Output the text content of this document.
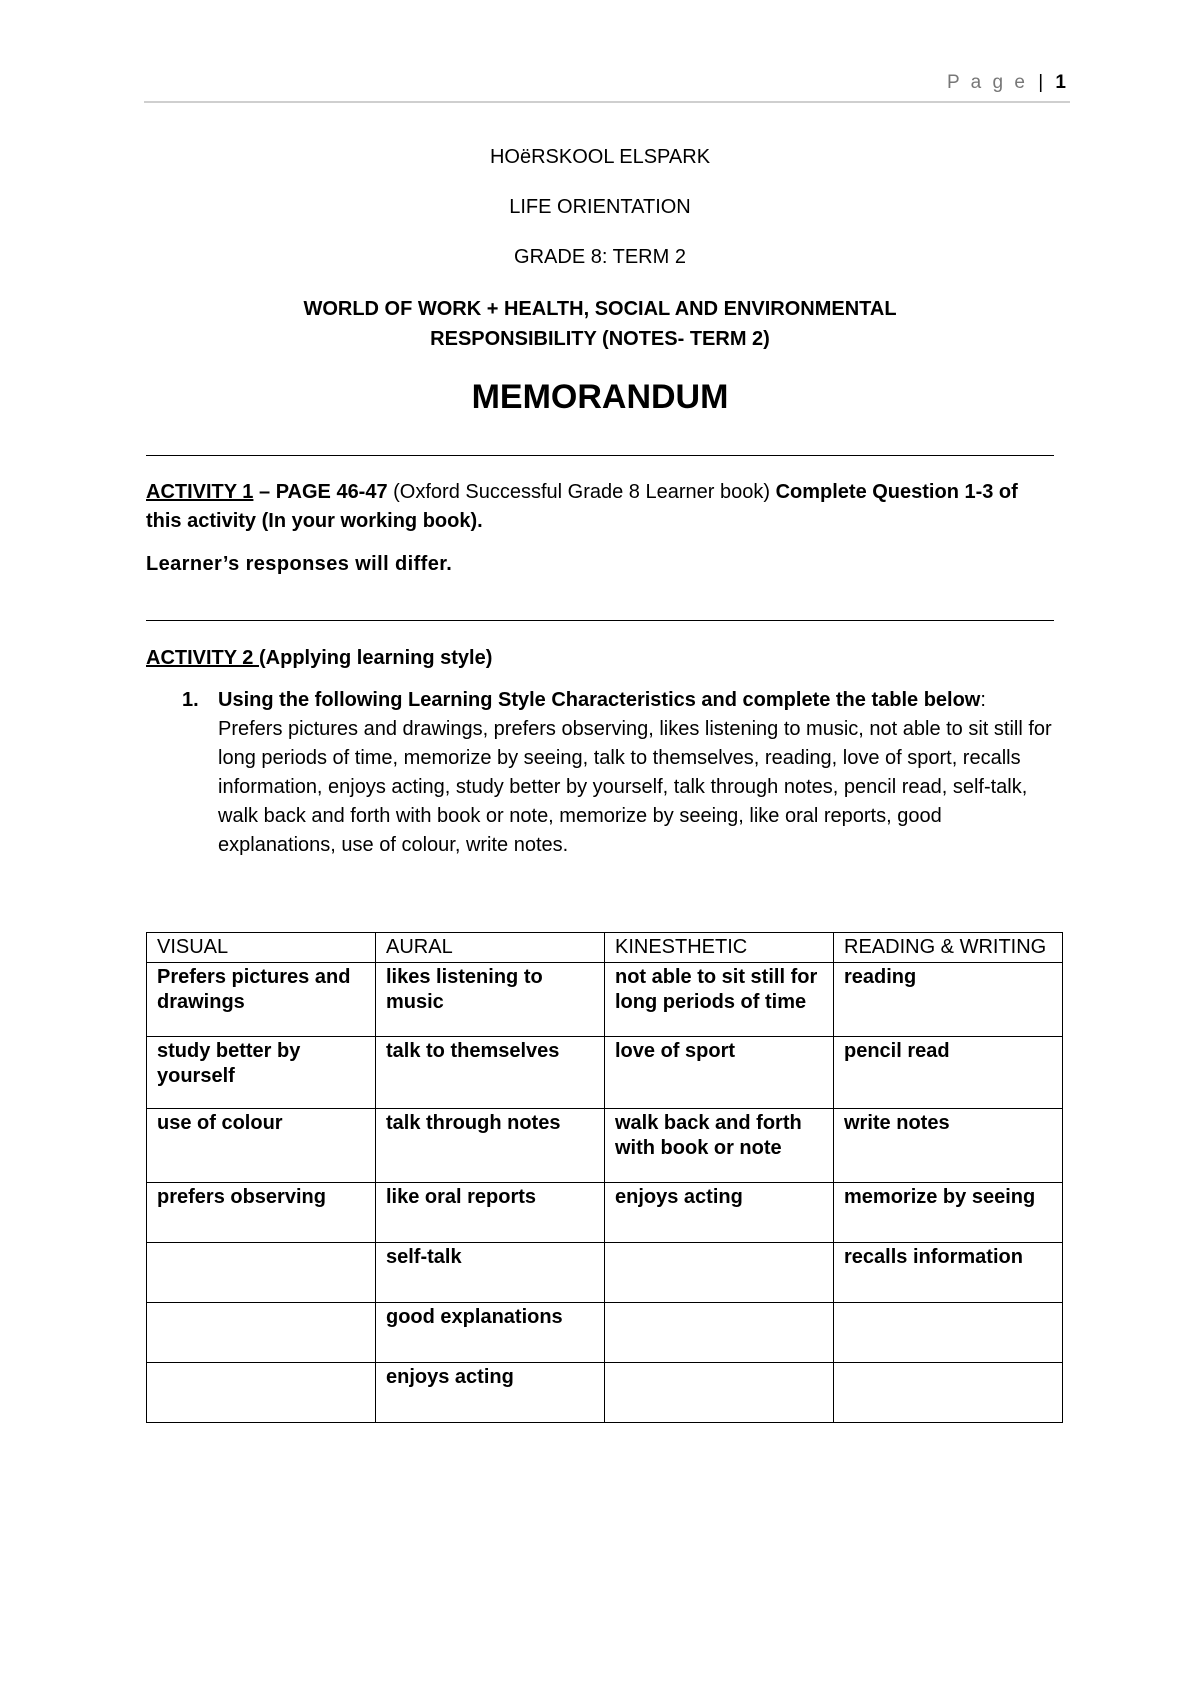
P a g e | 1

HOëRSKOOL ELSPARK

LIFE ORIENTATION

GRADE 8: TERM 2

WORLD OF WORK + HEALTH, SOCIAL AND ENVIRONMENTAL

RESPONSIBILITY (NOTES- TERM 2)

MEMORANDUM

ACTIVITY 1 – PAGE 46-47 (Oxford Successful Grade 8 Learner book) Complete Question 1-3 of this activity (In your working book).

Learner’s responses will differ.

ACTIVITY 2 (Applying learning style)

1. Using the following Learning Style Characteristics and complete the table below: Prefers pictures and drawings, prefers observing, likes listening to music, not able to sit still for long periods of time, memorize by seeing, talk to themselves, reading, love of sport, recalls information, enjoys acting, study better by yourself, talk through notes, pencil read, self-talk, walk back and forth with book or note, memorize by seeing, like oral reports, good explanations, use of colour, write notes.

VISUAL	AURAL	KINESTHETIC	READING & WRITING
Prefers pictures and drawings	likes listening to music	not able to sit still for long periods of time	reading
study better by yourself	talk to themselves	love of sport	pencil read
use of colour	talk through notes	walk back and forth with book or note	write notes
prefers observing	like oral reports	enjoys acting	memorize by seeing
	self-talk		recalls information
	good explanations		
	enjoys acting		
